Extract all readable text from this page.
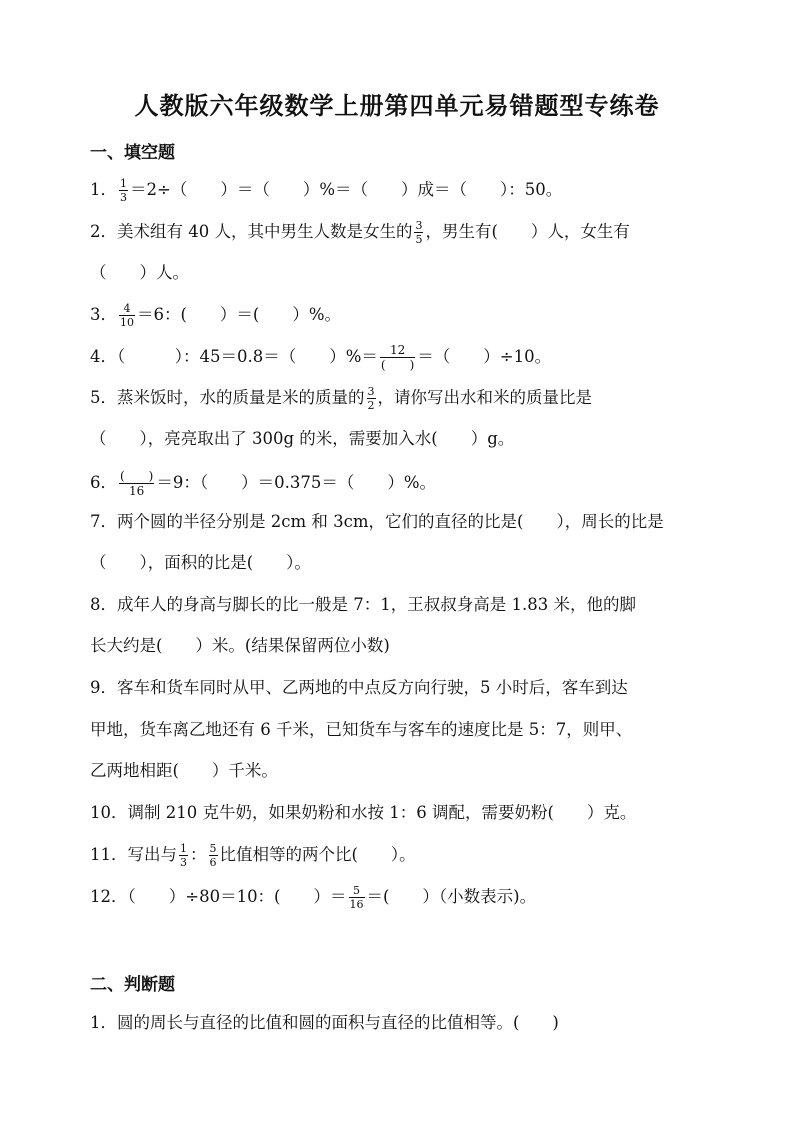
人教版六年级数学上册第四单元易错题型专练卷
一、填空题
1． $\frac{1}{3} =2\div$（　　）＝（　　）%＝（　　）成＝（　　）：50。
2．美术组有 40 人，其中男生人数是女生的 $\frac{3}{5}$ ，男生有(　　）人，女生有
（　　）人。
3． $\frac{4}{10} =6$：(　　）＝(　　）%。
4．（　　　）：45＝0.8＝（　　）%＝ $\frac{12}{( )}$ ＝（　　）÷10。
5．蒸米饭时，水的质量是米的质量的 $\frac{3}{2}$ ，请你写出水和米的质量比是
（　　），亮亮取出了 300g 的米，需要加入水(　　）g。
6． $\frac{( )}{16} =9$：（　　）＝0.375＝（　　）%。
7．两个圆的半径分别是 2cm 和 3cm，它们的直径的比是(　　），周长的比是
（　　），面积的比是(　　）。
8．成年人的身高与脚长的比一般是 7：1，王叔叔身高是 1.83 米，他的脚
长大约是(　　）米。(结果保留两位小数)
9．客车和货车同时从甲、乙两地的中点反方向行驶，5 小时后，客车到达
甲地，货车离乙地还有 6 千米，已知货车与客车的速度比是 5：7，则甲、
乙两地相距(　　）千米。
10．调制 210 克牛奶，如果奶粉和水按 1：6 调配，需要奶粉(　　）克。
11．写出与 $\frac{1}{3}$ ： $\frac{5}{6}$ 比值相等的两个比(　　）。
12．（　　）÷80＝10：(　　）＝ $\frac{5}{16}$ ＝(　　）（小数表示)。
二、判断题
1．圆的周长与直径的比值和圆的面积与直径的比值相等。(　　)
